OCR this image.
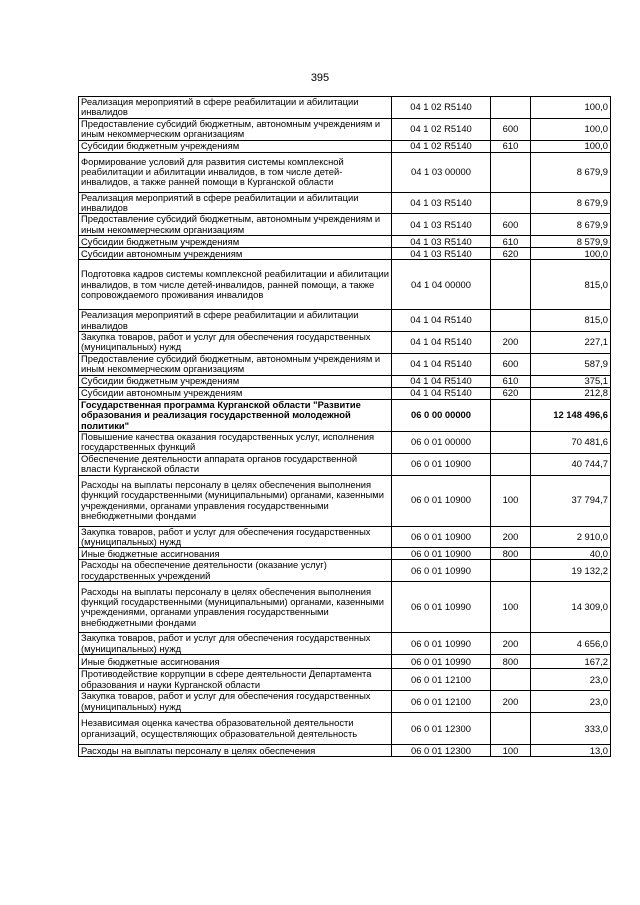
395
Реализация мероприятий в сфере реабилитации и абилитации инвалидов	04 1 02 R5140		100,0
Предоставление субсидий бюджетным, автономным учреждениям и иным некоммерческим организациям	04 1 02 R5140	600	100,0
Субсидии бюджетным учреждениям	04 1 02 R5140	610	100,0
Формирование условий для развития системы комплексной реабилитации и абилитации инвалидов, в том числе детей-инвалидов, а также ранней помощи в Курганской области	04 1 03 00000		8 679,9
Реализация мероприятий в сфере реабилитации и абилитации инвалидов	04 1 03 R5140		8 679,9
Предоставление субсидий бюджетным, автономным учреждениям и иным некоммерческим организациям	04 1 03 R5140	600	8 679,9
Субсидии бюджетным учреждениям	04 1 03 R5140	610	8 579,9
Субсидии автономным учреждениям	04 1 03 R5140	620	100,0
Подготовка кадров системы комплексной реабилитации и абилитации инвалидов, в том числе детей-инвалидов, ранней помощи, а также сопровождаемого проживания инвалидов	04 1 04 00000		815,0
Реализация мероприятий в сфере реабилитации и абилитации инвалидов	04 1 04 R5140		815,0
Закупка товаров, работ и услуг для обеспечения государственных (муниципальных) нужд	04 1 04 R5140	200	227,1
Предоставление субсидий бюджетным, автономным учреждениям и иным некоммерческим организациям	04 1 04 R5140	600	587,9
Субсидии бюджетным учреждениям	04 1 04 R5140	610	375,1
Субсидии автономным учреждениям	04 1 04 R5140	620	212,8
Государственная программа Курганской области "Развитие образования и реализация государственной молодежной политики"	06 0 00 00000		12 148 496,6
Повышение качества оказания государственных услуг, исполнения государственных функций	06 0 01 00000		70 481,6
Обеспечение деятельности аппарата органов государственной власти Курганской области	06 0 01 10900		40 744,7
Расходы на выплаты персоналу в целях обеспечения выполнения функций государственными (муниципальными) органами, казенными учреждениями, органами управления государственными внебюджетными фондами	06 0 01 10900	100	37 794,7
Закупка товаров, работ и услуг для обеспечения государственных (муниципальных) нужд	06 0 01 10900	200	2 910,0
Иные бюджетные ассигнования	06 0 01 10900	800	40,0
Расходы на обеспечение деятельности (оказание услуг) государственных учреждений	06 0 01 10990		19 132,2
Расходы на выплаты персоналу в целях обеспечения выполнения функций государственными (муниципальными) органами, казенными учреждениями, органами управления государственными внебюджетными фондами	06 0 01 10990	100	14 309,0
Закупка товаров, работ и услуг для обеспечения государственных (муниципальных) нужд	06 0 01 10990	200	4 656,0
Иные бюджетные ассигнования	06 0 01 10990	800	167,2
Противодействие коррупции в сфере деятельности Департамента образования и науки Курганской области	06 0 01 12100		23,0
Закупка товаров, работ и услуг для обеспечения государственных (муниципальных) нужд	06 0 01 12100	200	23,0
Независимая оценка качества образовательной деятельности организаций, осуществляющих образовательной деятельность	06 0 01 12300		333,0
Расходы на выплаты персоналу в целях обеспечения	06 0 01 12300	100	13,0
